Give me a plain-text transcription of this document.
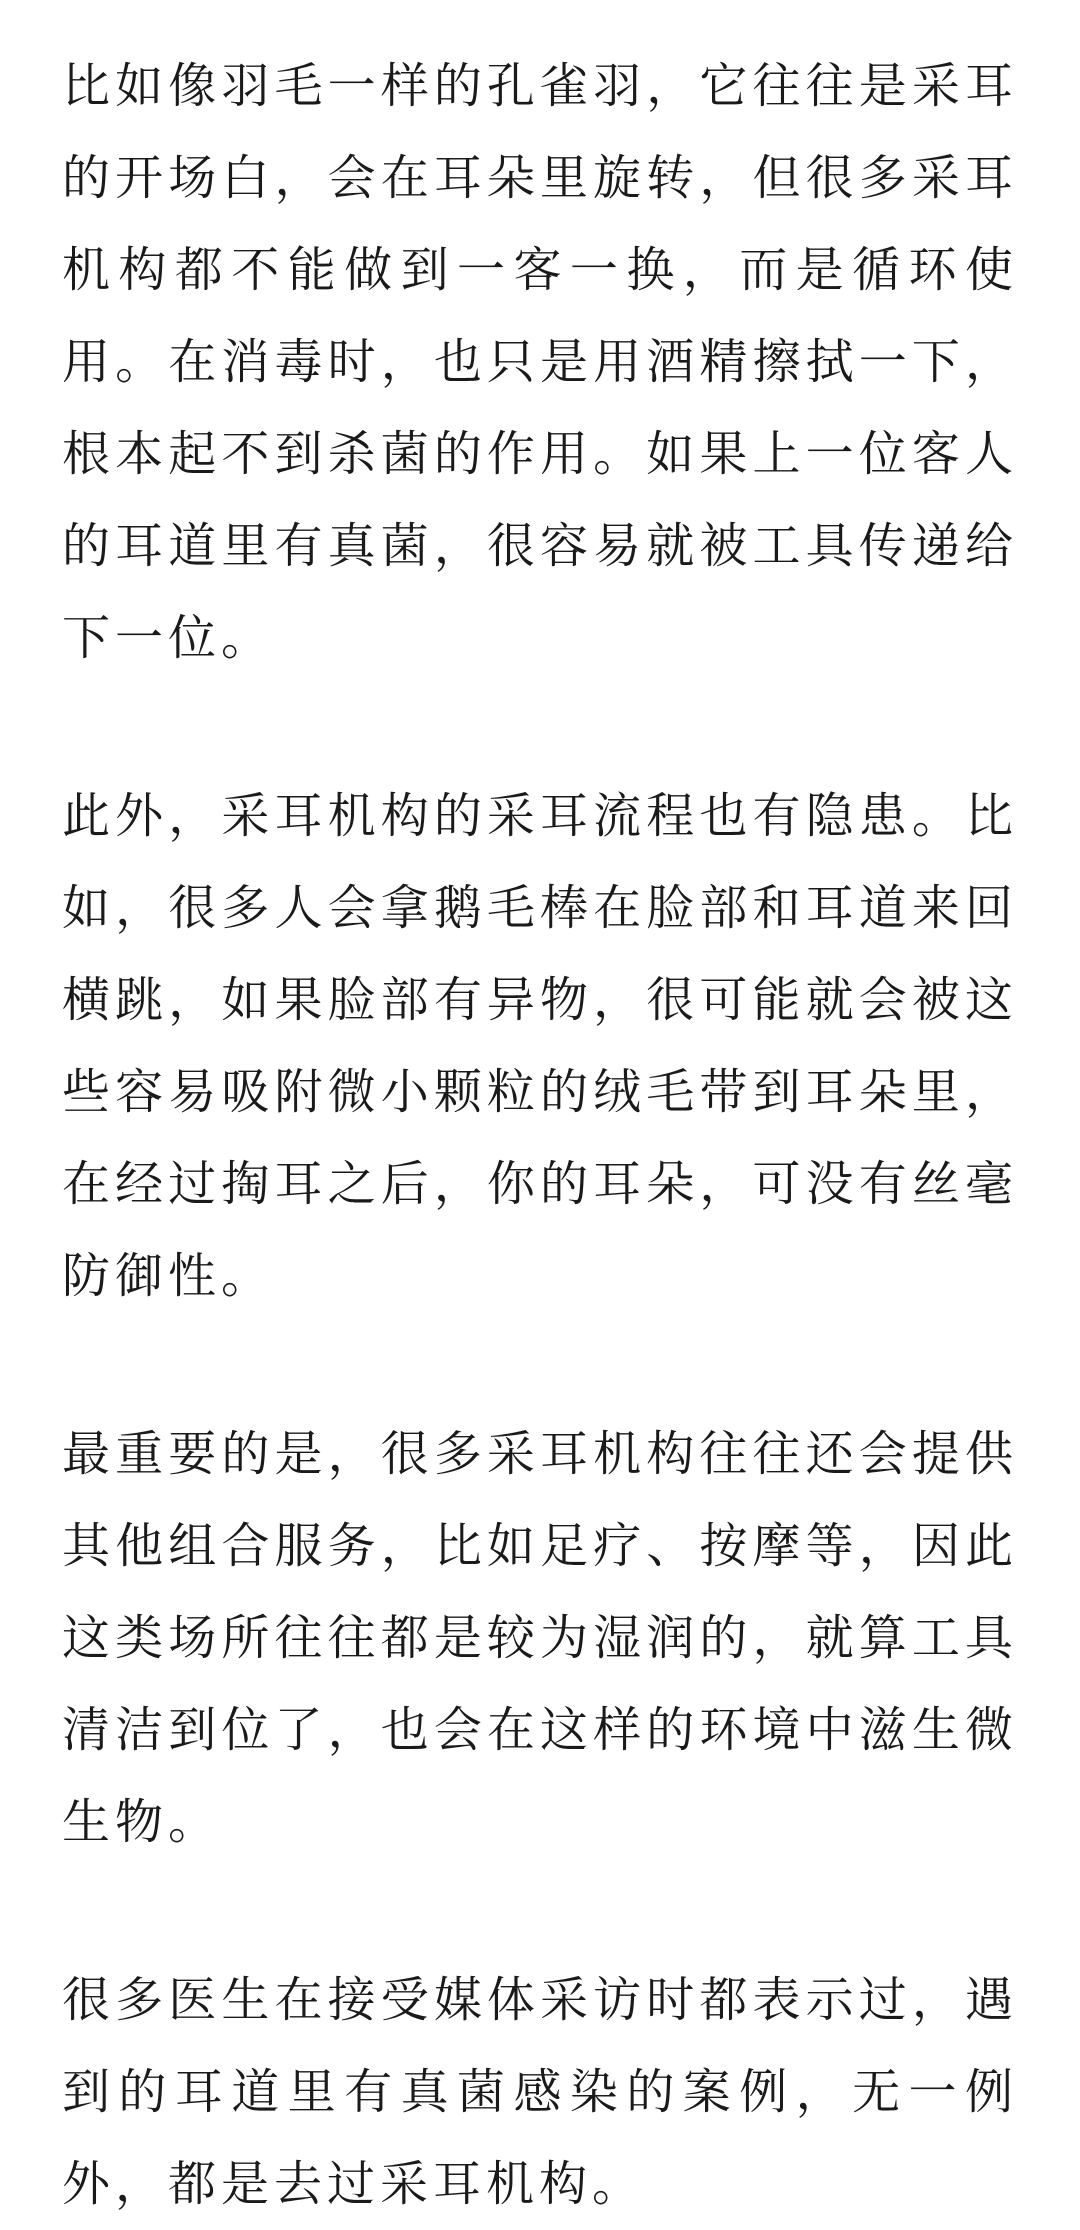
比如像羽毛一样的孔雀羽，它往往是采耳的开场白，会在耳朵里旋转，但很多采耳机构都不能做到一客一换，而是循环使用。在消毒时，也只是用酒精擦拭一下，根本起不到杀菌的作用。如果上一位客人的耳道里有真菌，很容易就被工具传递给下一位。

此外，采耳机构的采耳流程也有隐患。比如，很多人会拿鹅毛棒在脸部和耳道来回横跳，如果脸部有异物，很可能就会被这些容易吸附微小颗粒的绒毛带到耳朵里，在经过掏耳之后，你的耳朵，可没有丝毫防御性。

最重要的是，很多采耳机构往往还会提供其他组合服务，比如足疗、按摩等，因此这类场所往往都是较为湿润的，就算工具清洁到位了，也会在这样的环境中滋生微生物。

很多医生在接受媒体采访时都表示过，遇到的耳道里有真菌感染的案例，无一例外，都是去过采耳机构。
